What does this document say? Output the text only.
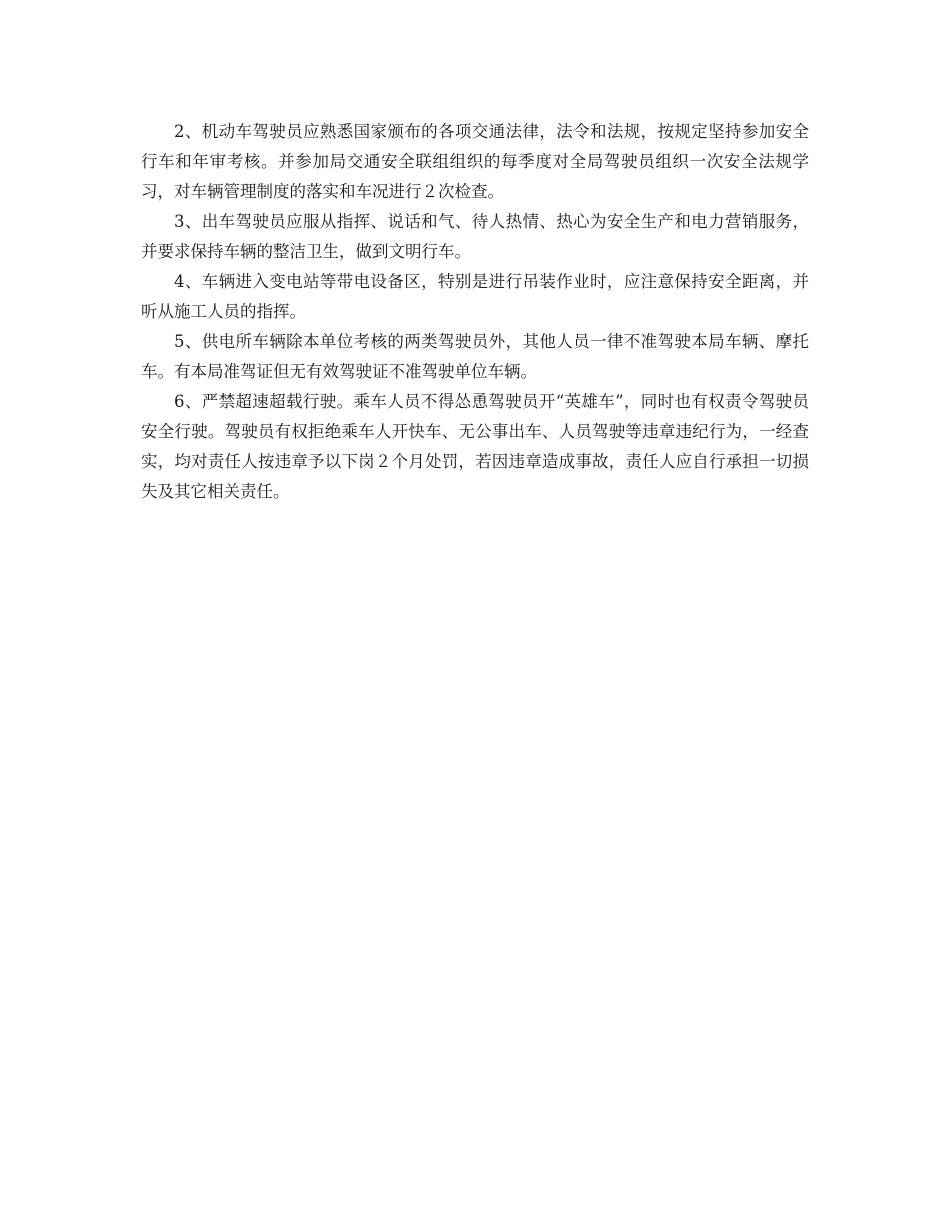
2、机动车驾驶员应熟悉国家颁布的各项交通法律，法令和法规，按规定坚持参加安全行车和年审考核。并参加局交通安全联组组织的每季度对全局驾驶员组织一次安全法规学习，对车辆管理制度的落实和车况进行２次检查。

3、出车驾驶员应服从指挥、说话和气、待人热情、热心为安全生产和电力营销服务，并要求保持车辆的整洁卫生，做到文明行车。

4、车辆进入变电站等带电设备区，特别是进行吊装作业时，应注意保持安全距离，并听从施工人员的指挥。

5、供电所车辆除本单位考核的两类驾驶员外，其他人员一律不准驾驶本局车辆、摩托车。有本局准驾证但无有效驾驶证不准驾驶单位车辆。

6、严禁超速超载行驶。乘车人员不得怂恿驾驶员开“英雄车”，同时也有权责令驾驶员安全行驶。驾驶员有权拒绝乘车人开快车、无公事出车、人员驾驶等违章违纪行为，一经查实，均对责任人按违章予以下岗２个月处罚，若因违章造成事故，责任人应自行承担一切损失及其它相关责任。
